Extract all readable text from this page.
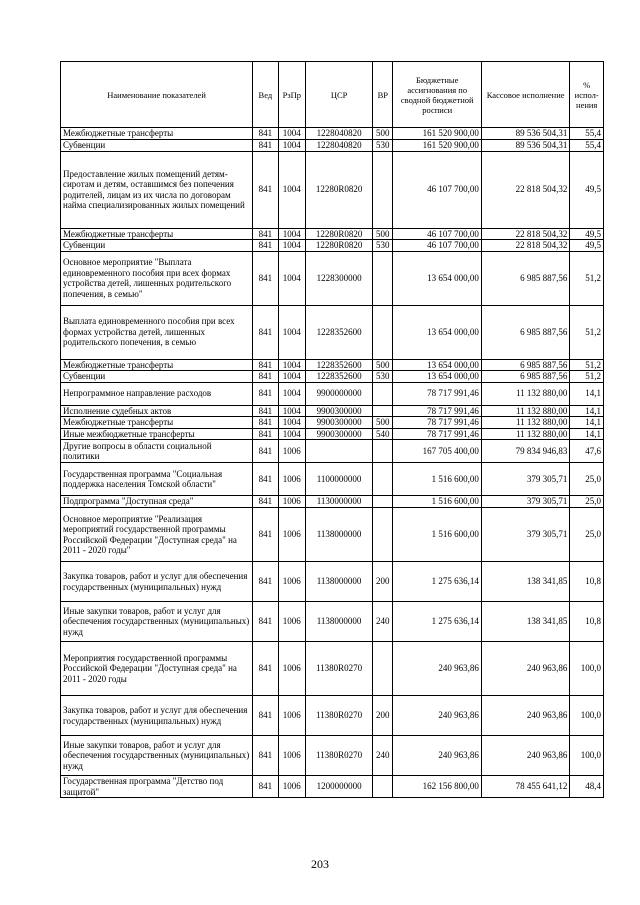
Наименование показателей	Вед	РзПр	ЦСР	ВР	Бюджетные ассигнования по сводной бюджетной росписи	Кассовое исполнение	% испол-нения
Межбюджетные трансферты	841	1004	1228040820	500	161 520 900,00	89 536 504,31	55,4
Субвенции	841	1004	1228040820	530	161 520 900,00	89 536 504,31	55,4
Предоставление жилых помещений детям-сиротам и детям, оставшимся без попечения родителей, лицам из их числа по договорам найма специализированных жилых помещений	841	1004	12280R0820		46 107 700,00	22 818 504,32	49,5
Межбюджетные трансферты	841	1004	12280R0820	500	46 107 700,00	22 818 504,32	49,5
Субвенции	841	1004	12280R0820	530	46 107 700,00	22 818 504,32	49,5
Основное мероприятие "Выплата единовременного пособия при всех формах устройства детей, лишенных родительского попечения, в семью"	841	1004	1228300000		13 654 000,00	6 985 887,56	51,2
Выплата единовременного пособия при всех формах устройства детей, лишенных родительского попечения, в семью	841	1004	1228352600		13 654 000,00	6 985 887,56	51,2
Межбюджетные трансферты	841	1004	1228352600	500	13 654 000,00	6 985 887,56	51,2
Субвенции	841	1004	1228352600	530	13 654 000,00	6 985 887,56	51,2
Непрограммное направление расходов	841	1004	9900000000		78 717 991,46	11 132 880,00	14,1
Исполнение судебных актов	841	1004	9900300000		78 717 991,46	11 132 880,00	14,1
Межбюджетные трансферты	841	1004	9900300000	500	78 717 991,46	11 132 880,00	14,1
Иные межбюджетные трансферты	841	1004	9900300000	540	78 717 991,46	11 132 880,00	14,1
Другие вопросы в области социальной политики	841	1006			167 705 400,00	79 834 946,83	47,6
Государственная программа "Социальная поддержка населения Томской области"	841	1006	1100000000		1 516 600,00	379 305,71	25,0
Подпрограмма "Доступная среда"	841	1006	1130000000		1 516 600,00	379 305,71	25,0
Основное мероприятие "Реализация мероприятий государственной программы Российской Федерации "Доступная среда" на 2011 - 2020 годы"	841	1006	1138000000		1 516 600,00	379 305,71	25,0
Закупка товаров, работ и услуг для обеспечения государственных (муниципальных) нужд	841	1006	1138000000	200	1 275 636,14	138 341,85	10,8
Иные закупки товаров, работ и услуг для обеспечения государственных (муниципальных) нужд	841	1006	1138000000	240	1 275 636,14	138 341,85	10,8
Мероприятия государственной программы Российской Федерации "Доступная среда" на 2011 - 2020 годы	841	1006	11380R0270		240 963,86	240 963,86	100,0
Закупка товаров, работ и услуг для обеспечения государственных (муниципальных) нужд	841	1006	11380R0270	200	240 963,86	240 963,86	100,0
Иные закупки товаров, работ и услуг для обеспечения государственных (муниципальных) нужд	841	1006	11380R0270	240	240 963,86	240 963,86	100,0
Государственная программа "Детство под защитой"	841	1006	1200000000		162 156 800,00	78 455 641,12	48,4
203
